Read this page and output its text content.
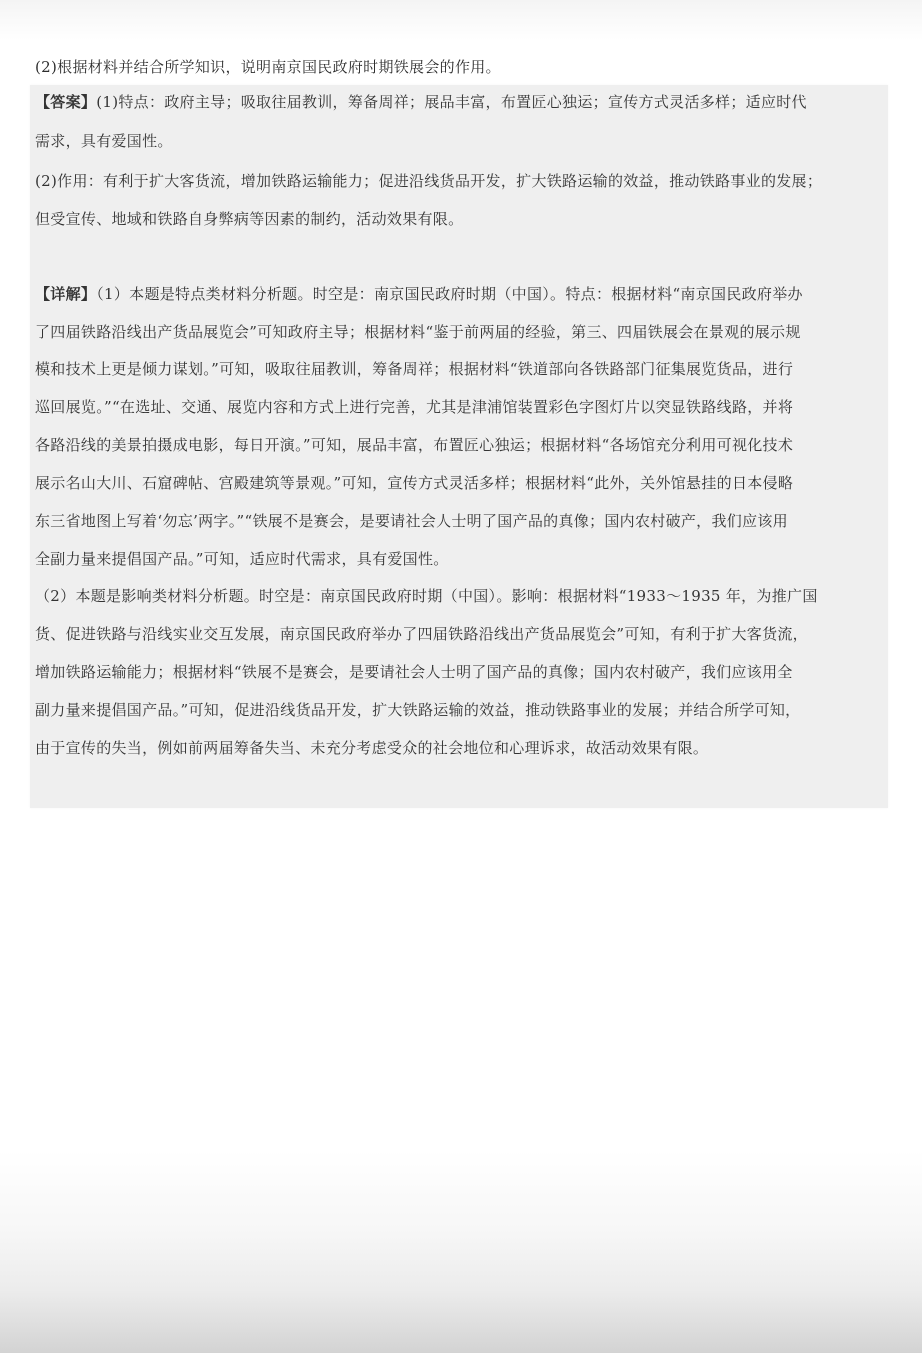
(2)根据材料并结合所学知识，说明南京国民政府时期铁展会的作用。
【答案】(1)特点：政府主导；吸取往届教训，筹备周祥；展品丰富，布置匠心独运；宣传方式灵活多样；适应时代
需求，具有爱国性。
(2)作用：有利于扩大客货流，增加铁路运输能力；促进沿线货品开发，扩大铁路运输的效益，推动铁路事业的发展；
但受宣传、地域和铁路自身弊病等因素的制约，活动效果有限。
【详解】（1）本题是特点类材料分析题。时空是：南京国民政府时期（中国）。特点：根据材料“南京国民政府举办
了四届铁路沿线出产货品展览会”可知政府主导；根据材料“鉴于前两届的经验，第三、四届铁展会在景观的展示规
模和技术上更是倾力谋划。”可知，吸取往届教训，筹备周祥；根据材料“铁道部向各铁路部门征集展览货品，进行
巡回展览。”“在选址、交通、展览内容和方式上进行完善，尤其是津浦馆装置彩色字图灯片以突显铁路线路，并将
各路沿线的美景拍摄成电影，每日开演。”可知，展品丰富，布置匠心独运；根据材料“各场馆充分利用可视化技术
展示名山大川、石窟碑帖、宫殿建筑等景观。”可知，宣传方式灵活多样；根据材料“此外，关外馆悬挂的日本侵略
东三省地图上写着‘勿忘’两字。”“铁展不是赛会，是要请社会人士明了国产品的真像；国内农村破产，我们应该用
全副力量来提倡国产品。”可知，适应时代需求，具有爱国性。
（2）本题是影响类材料分析题。时空是：南京国民政府时期（中国）。影响：根据材料“1933～1935 年，为推广国
货、促进铁路与沿线实业交互发展，南京国民政府举办了四届铁路沿线出产货品展览会”可知，有利于扩大客货流，
增加铁路运输能力；根据材料“铁展不是赛会，是要请社会人士明了国产品的真像；国内农村破产，我们应该用全
副力量来提倡国产品。”可知，促进沿线货品开发，扩大铁路运输的效益，推动铁路事业的发展；并结合所学可知，
由于宣传的失当，例如前两届筹备失当、未充分考虑受众的社会地位和心理诉求，故活动效果有限。
